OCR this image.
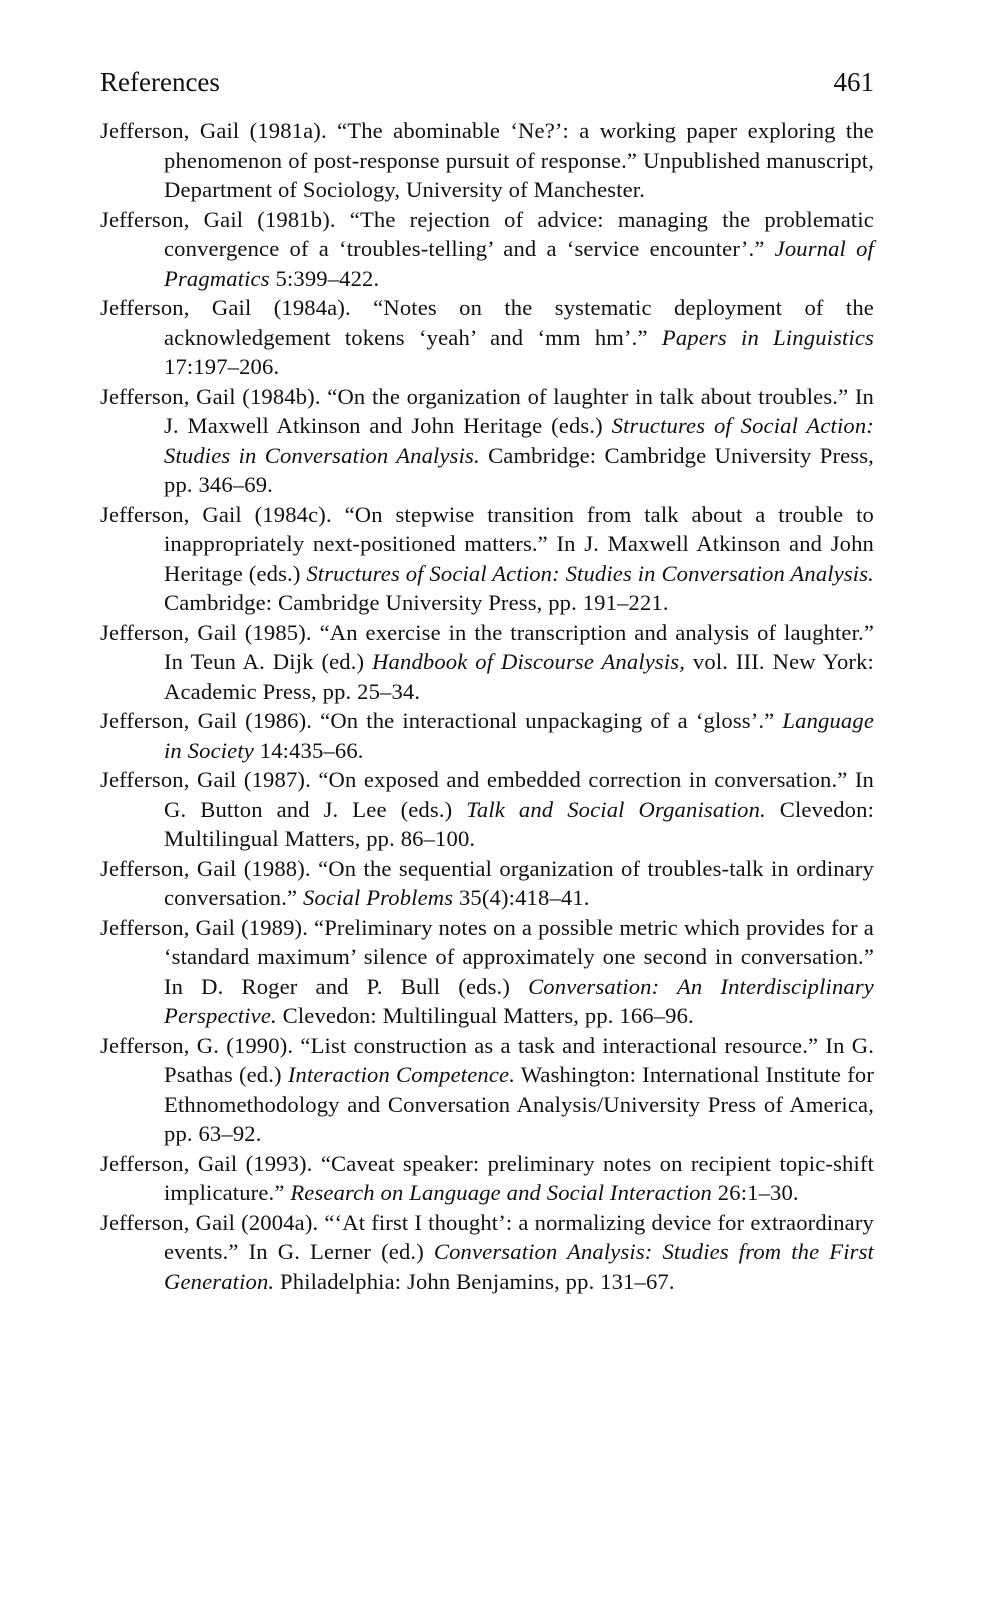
References	461
Jefferson, Gail (1981a). “The abominable ‘Ne?’: a working paper exploring the phenomenon of post-response pursuit of response.” Unpublished manuscript, Department of Sociology, University of Manchester.
Jefferson, Gail (1981b). “The rejection of advice: managing the problematic convergence of a ‘troubles-telling’ and a ‘service encounter’.” Journal of Pragmatics 5:399–422.
Jefferson, Gail (1984a). “Notes on the systematic deployment of the acknowledgement tokens ‘yeah’ and ‘mm hm’.” Papers in Linguistics 17:197–206.
Jefferson, Gail (1984b). “On the organization of laughter in talk about troubles.” In J. Maxwell Atkinson and John Heritage (eds.) Structures of Social Action: Studies in Conversation Analysis. Cambridge: Cambridge University Press, pp. 346–69.
Jefferson, Gail (1984c). “On stepwise transition from talk about a trouble to inappropriately next-positioned matters.” In J. Maxwell Atkinson and John Heritage (eds.) Structures of Social Action: Studies in Conversation Analysis. Cambridge: Cambridge University Press, pp. 191–221.
Jefferson, Gail (1985). “An exercise in the transcription and analysis of laughter.” In Teun A. Dijk (ed.) Handbook of Discourse Analysis, vol. III. New York: Academic Press, pp. 25–34.
Jefferson, Gail (1986). “On the interactional unpackaging of a ‘gloss’.” Language in Society 14:435–66.
Jefferson, Gail (1987). “On exposed and embedded correction in conversation.” In G. Button and J. Lee (eds.) Talk and Social Organisation. Clevedon: Multilingual Matters, pp. 86–100.
Jefferson, Gail (1988). “On the sequential organization of troubles-talk in ordinary conversation.” Social Problems 35(4):418–41.
Jefferson, Gail (1989). “Preliminary notes on a possible metric which provides for a ‘standard maximum’ silence of approximately one second in conversation.” In D. Roger and P. Bull (eds.) Conversation: An Interdisciplinary Perspective. Clevedon: Multilingual Matters, pp. 166–96.
Jefferson, G. (1990). “List construction as a task and interactional resource.” In G. Psathas (ed.) Interaction Competence. Washington: International Institute for Ethnomethodology and Conversation Analysis/University Press of America, pp. 63–92.
Jefferson, Gail (1993). “Caveat speaker: preliminary notes on recipient topic-shift implicature.” Research on Language and Social Interaction 26:1–30.
Jefferson, Gail (2004a). “‘At first I thought’: a normalizing device for extraordinary events.” In G. Lerner (ed.) Conversation Analysis: Studies from the First Generation. Philadelphia: John Benjamins, pp. 131–67.
